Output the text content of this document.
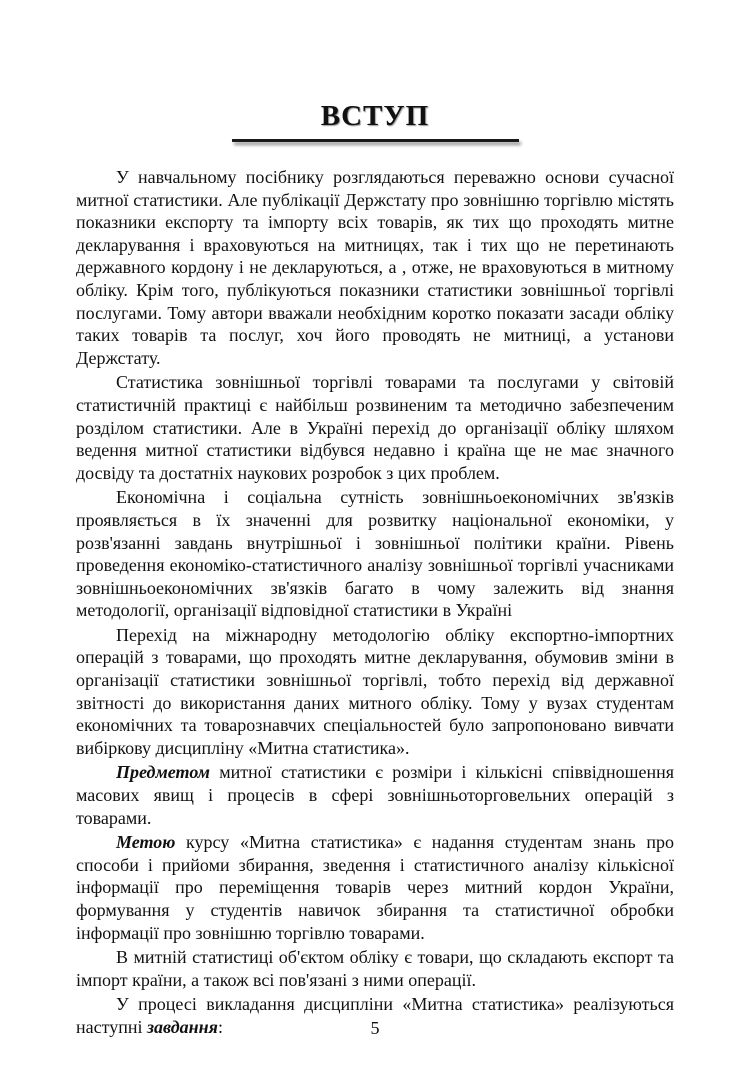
ВСТУП

У навчальному посібнику розглядаються переважно основи сучасної митної статистики. Але публікації Держстату про зовнішню торгівлю містять показники експорту та імпорту всіх товарів, як тих що проходять митне декларування і враховуються на митницях, так і тих що не перетинають державного кордону і не декларуються, а , отже, не враховуються в митному обліку. Крім того, публікуються показники статистики зовнішньої торгівлі послугами. Тому автори вважали необхідним коротко показати засади обліку таких товарів та послуг, хоч його проводять не митниці, а установи Держстату.

Статистика зовнішньої торгівлі товарами та послугами у світовій статистичній практиці є найбільш розвиненим та методично забезпеченим розділом статистики. Але в Україні перехід до організації обліку шляхом ведення митної статистики відбувся недавно і країна ще не має значного досвіду та достатніх наукових розробок з цих проблем.

Економічна і соціальна сутність зовнішньоекономічних зв'язків проявляється в їх значенні для розвитку національної економіки, у розв'язанні завдань внутрішньої і зовнішньої політики країни. Рівень проведення економіко-статистичного аналізу зовнішньої торгівлі учасниками зовнішньоекономічних зв'язків багато в чому залежить від знання методології, організації відповідної статистики в Україні

Перехід на міжнародну методологію обліку експортно-імпортних операцій з товарами, що проходять митне декларування, обумовив зміни в організації статистики зовнішньої торгівлі, тобто перехід від державної звітності до використання даних митного обліку. Тому у вузах студентам економічних та товарознавчих спеціальностей було запропоновано вивчати вибіркову дисципліну «Митна статистика».

Предметом митної статистики є розміри і кількісні співвідношення масових явищ і процесів в сфері зовнішньоторговельних операцій з товарами.

Метою курсу «Митна статистика» є надання студентам знань про способи і прийоми збирання, зведення і статистичного аналізу кількісної інформації про переміщення товарів через митний кордон України, формування у студентів навичок збирання та статистичної обробки інформації про зовнішню торгівлю товарами.

В митній статистиці об'єктом обліку є товари, що складають експорт та імпорт країни, а також всі пов'язані з ними операції.

У процесі викладання дисципліни «Митна статистика» реалізуються наступні завдання:	5
